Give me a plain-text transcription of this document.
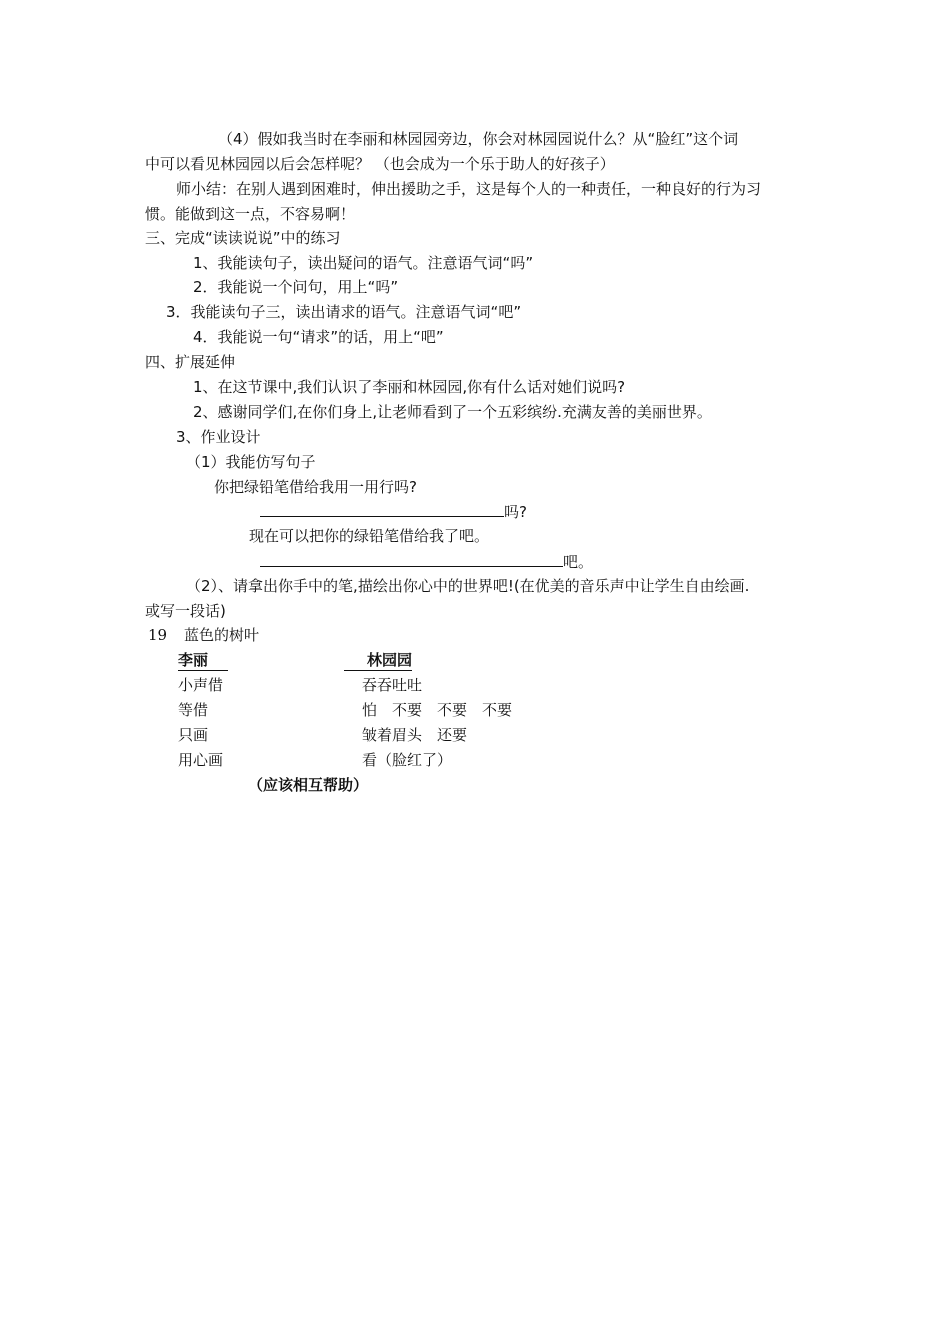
（4）假如我当时在李丽和林园园旁边，你会对林园园说什么？从“脸红”这个词
中可以看见林园园以后会怎样呢？ （也会成为一个乐于助人的好孩子）
师小结：在别人遇到困难时，伸出援助之手，这是每个人的一种责任，一种良好的行为习
惯。能做到这一点，不容易啊！
三、完成“读读说说”中的练习
1、我能读句子，读出疑问的语气。注意语气词“吗”
2．我能说一个问句，用上“吗”
3．我能读句子三，读出请求的语气。注意语气词“吧”
4．我能说一句“请求”的话，用上“吧”
四、扩展延伸
1、在这节课中,我们认识了李丽和林园园,你有什么话对她们说吗?
2、感谢同学们,在你们身上,让老师看到了一个五彩缤纷.充满友善的美丽世界。
3、作业设计
（1）我能仿写句子
你把绿铅笔借给我用一用行吗?
吗?
现在可以把你的绿铅笔借给我了吧。
吧。
（2）、请拿出你手中的笔,描绘出你心中的世界吧!(在优美的音乐声中让学生自由绘画.
或写一段话)
19 蓝色的树叶
李丽	林园园
小声借	吞吞吐吐
等借	怕　不要　不要　不要
只画	皱着眉头　还要
用心画	看（脸红了）
（应该相互帮助）
